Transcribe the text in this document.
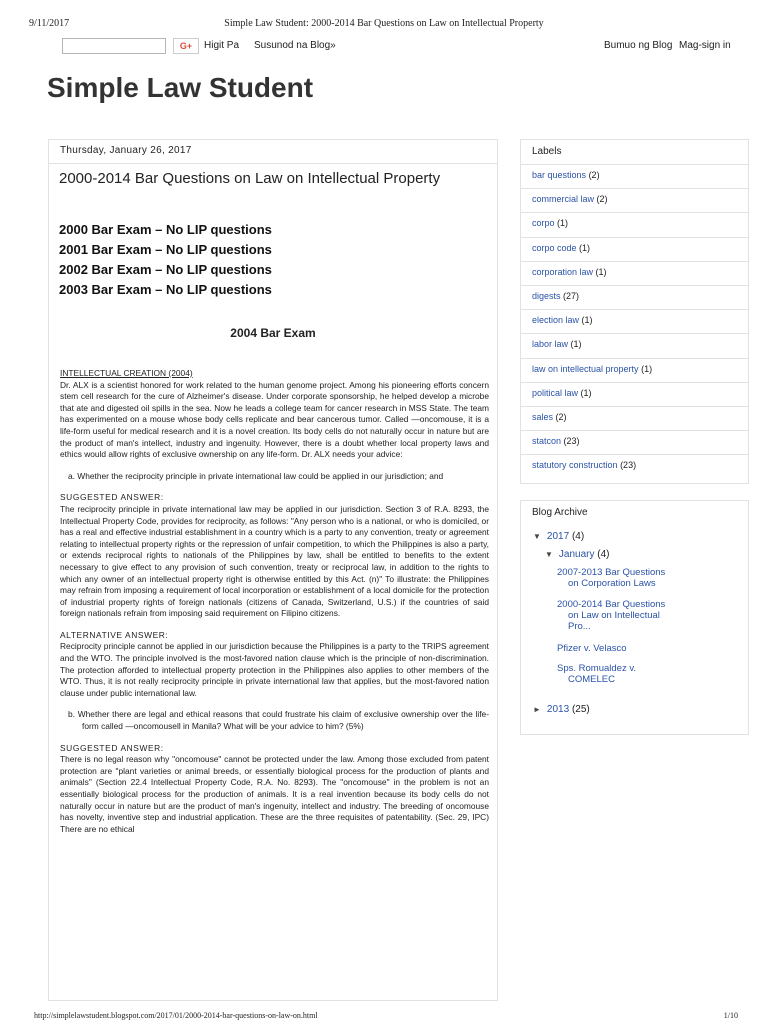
9/11/2017	Simple Law Student: 2000-2014 Bar Questions on Law on Intellectual Property
G+	Higit Pa Susunod na Blog»	Bumuo ng Blog Mag-sign in
Simple Law Student
Thursday, January 26, 2017
2000-2014 Bar Questions on Law on Intellectual Property
2000 Bar Exam – No LIP questions
2001 Bar Exam – No LIP questions
2002 Bar Exam – No LIP questions
2003 Bar Exam – No LIP questions
2004 Bar Exam

INTELLECTUAL CREATION (2004)

Dr. ALX is a scientist honored for work related to the human genome project. Among his pioneering efforts concern stem cell research for the cure of Alzheimer's disease. Under corporate sponsorship, he helped develop a microbe that ate and digested oil spills in the sea. Now he leads a college team for cancer research in MSS State. The team has experimented on a mouse whose body cells replicate and bear cancerous tumor. Called —oncomouse, it is a life-form useful for medical research and it is a novel creation. Its body cells do not naturally occur in nature but are the product of man's intellect, industry and ingenuity. However, there is a doubt whether local property laws and ethics would allow rights of exclusive ownership on any life-form. Dr. ALX needs your advice:

a. Whether the reciprocity principle in private international law could be applied in our jurisdiction; and

SUGGESTED ANSWER:

The reciprocity principle in private international law may be applied in our jurisdiction. Section 3 of R.A. 8293, the Intellectual Property Code, provides for reciprocity, as follows: "Any person who is a national, or who is domiciled, or has a real and effective industrial establishment in a country which is a party to any convention, treaty or agreement relating to intellectual property rights or the repression of unfair competition, to which the Philippines is also a party, or extends reciprocal rights to nationals of the Philippines by law, shall be entitled to benefits to the extent necessary to give effect to any provision of such convention, treaty or reciprocal law, in addition to the rights to which any owner of an intellectual property right is otherwise entitled by this Act. (n)" To illustrate: the Philippines may refrain from imposing a requirement of local incorporation or establishment of a local domicile for the protection of industrial property rights of foreign nationals (citizens of Canada, Switzerland, U.S.) if the countries of said foreign nationals refrain from imposing said requirement on Filipino citizens.

ALTERNATIVE ANSWER:

Reciprocity principle cannot be applied in our jurisdiction because the Philippines is a party to the TRIPS agreement and the WTO. The principle involved is the most-favored nation clause which is the principle of non-discrimination. The protection afforded to intellectual property protection in the Philippines also applies to other members of the WTO. Thus, it is not really reciprocity principle in private international law that applies, but the most-favored nation clause under public international law.

b. Whether there are legal and ethical reasons that could frustrate his claim of exclusive ownership over the life-form called —oncomousell in Manila? What will be your advice to him? (5%)

SUGGESTED ANSWER:

There is no legal reason why "oncomouse" cannot be protected under the law. Among those excluded from patent protection are "plant varieties or animal breeds, or essentially biological process for the production of plants and animals" (Section 22.4 Intellectual Property Code, R.A. No. 8293). The "oncomouse" in the problem is not an essentially biological process for the production of animals. It is a real invention because its body cells do not naturally occur in nature but are the product of man's ingenuity, intellect and industry. The breeding of oncomouse has novelty, inventive step and industrial application. These are the three requisites of patentability. (Sec. 29, IPC) There are no ethical

Labels
bar questions (2)
commercial law (2)
corpo (1)
corpo code (1)
corporation law (1)
digests (27)
election law (1)
labor law (1)
law on intellectual property (1)
political law (1)
sales (2)
statcon (23)
statutory construction (23)
Blog Archive
▼ 2017 (4)
▼ January (4)
2007-2013 Bar Questions
on Corporation Laws
2000-2014 Bar Questions
on Law on Intellectual
Pro...
Pfizer v. Velasco
Sps. Romualdez v.
COMELEC
► 2013 (25)
http://simplelawstudent.blogspot.com/2017/01/2000-2014-bar-questions-on-law-on.html	1/10
